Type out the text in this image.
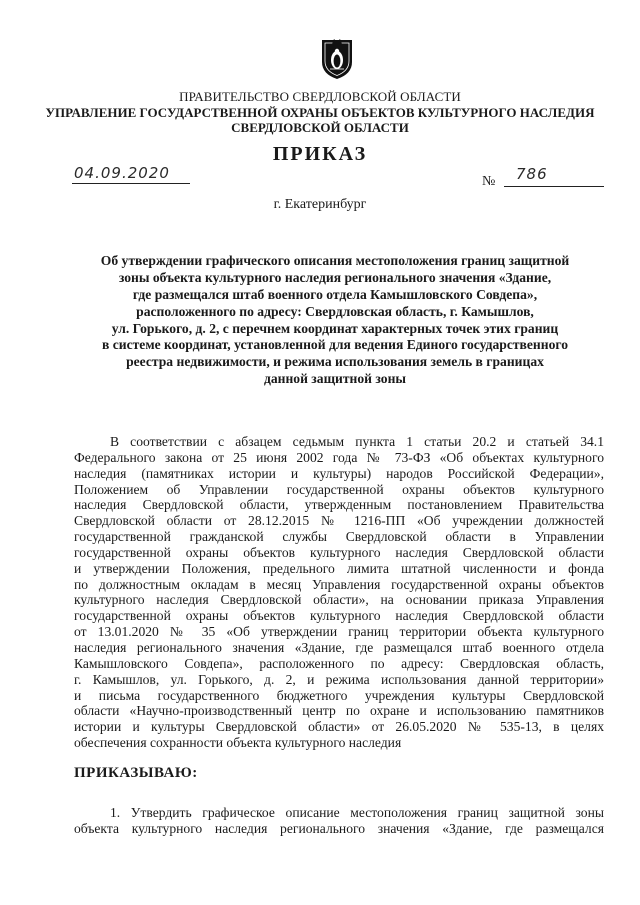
ПРАВИТЕЛЬСТВО СВЕРДЛОВСКОЙ ОБЛАСТИ
УПРАВЛЕНИЕ ГОСУДАРСТВЕННОЙ ОХРАНЫ ОБЪЕКТОВ КУЛЬТУРНОГО НАСЛЕДИЯ
СВЕРДЛОВСКОЙ ОБЛАСТИ
ПРИКАЗ
04.09.2020	№ 786
г. Екатеринбург
Об утверждении графического описания местоположения границ защитной
зоны объекта культурного наследия регионального значения «Здание,
где размещался штаб военного отдела Камышловского Совдепа»,
расположенного по адресу: Свердловская область, г. Камышлов,
ул. Горького, д. 2, с перечнем координат характерных точек этих границ
в системе координат, установленной для ведения Единого государственного
реестра недвижимости, и режима использования земель в границах
данной защитной зоны
В соответствии с абзацем седьмым пункта 1 статьи 20.2 и статьей 34.1
Федерального закона от 25 июня 2002 года № 73-ФЗ «Об объектах культурного
наследия (памятниках истории и культуры) народов Российской Федерации»,
Положением об Управлении государственной охраны объектов культурного
наследия Свердловской области, утвержденным постановлением Правительства
Свердловской области от 28.12.2015 № 1216-ПП «Об учреждении должностей
государственной гражданской службы Свердловской области в Управлении
государственной охраны объектов культурного наследия Свердловской области
и утверждении Положения, предельного лимита штатной численности и фонда
по должностным окладам в месяц Управления государственной охраны объектов
культурного наследия Свердловской области», на основании приказа Управления
государственной охраны объектов культурного наследия Свердловской области
от 13.01.2020 № 35 «Об утверждении границ территории объекта культурного
наследия регионального значения «Здание, где размещался штаб военного отдела
Камышловского Совдепа», расположенного по адресу: Свердловская область,
г. Камышлов, ул. Горького, д. 2, и режима использования данной территории»
и письма государственного бюджетного учреждения культуры Свердловской
области «Научно-производственный центр по охране и использованию памятников
истории и культуры Свердловской области» от 26.05.2020 № 535-13, в целях
обеспечения сохранности объекта культурного наследия
ПРИКАЗЫВАЮ:
1. Утвердить графическое описание местоположения границ защитной зоны
объекта культурного наследия регионального значения «Здание, где размещался
